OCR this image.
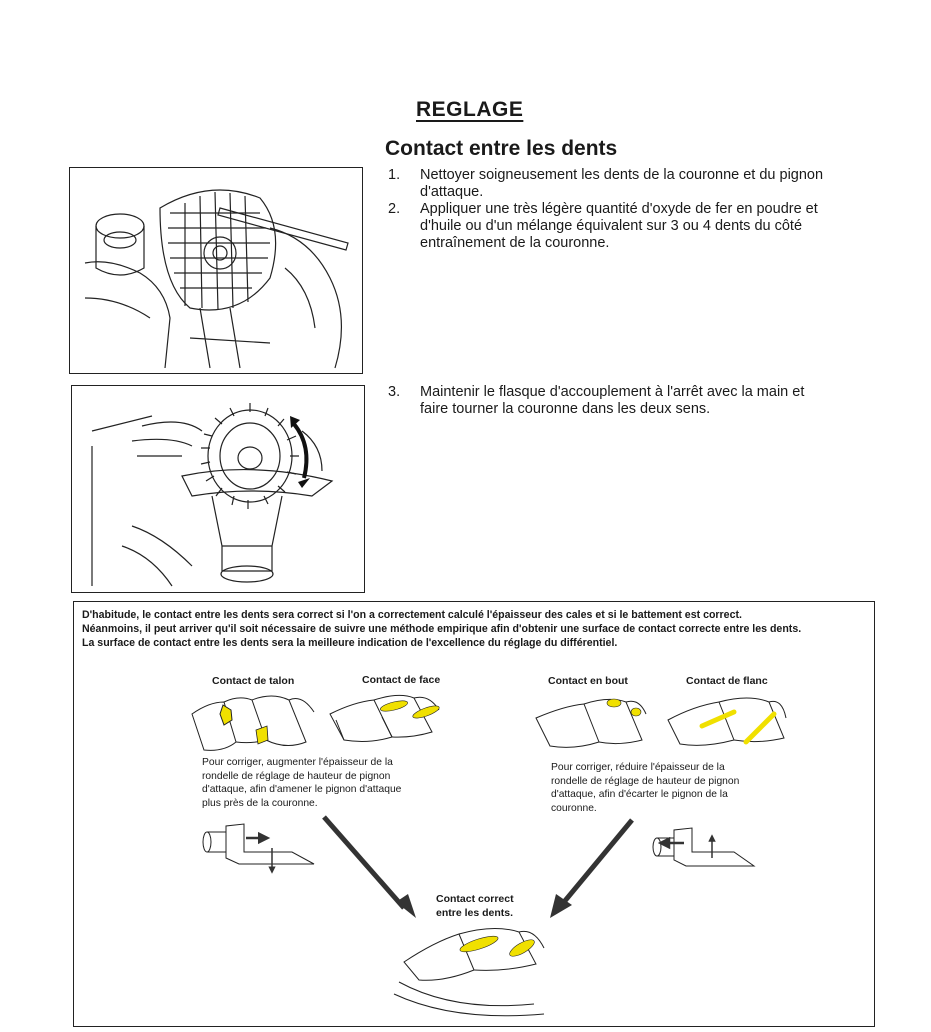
REGLAGE
Contact entre les dents
1. Nettoyer soigneusement les dents de la couronne et du pignon
d'attaque.
2. Appliquer une très légère quantité d'oxyde de fer en poudre et
d'huile ou d'un mélange équivalent sur 3 ou 4 dents du côté
entraînement de la couronne.
3. Maintenir le flasque d'accouplement à l'arrêt avec la main et
faire tourner la couronne dans les deux sens.
D'habitude, le contact entre les dents sera correct si l'on a correctement calculé l'épaisseur des cales et si le battement est correct.
Néanmoins, il peut arriver qu'il soit nécessaire de suivre une méthode empirique afin d'obtenir une surface de contact correcte entre les dents.
La surface de contact entre les dents sera la meilleure indication de l'excellence du réglage du différentiel.
Contact de talon	Contact de face	Contact en bout	Contact de flanc
Pour corriger, augmenter l'épaisseur de la
rondelle de réglage de hauteur de pignon
d'attaque, afin d'amener le pignon d'attaque
plus près de la couronne.
Pour corriger, réduire l'épaisseur de la
rondelle de réglage de hauteur de pignon
d'attaque, afin d'écarter le pignon de la
couronne.
Contact correct
entre les dents.
